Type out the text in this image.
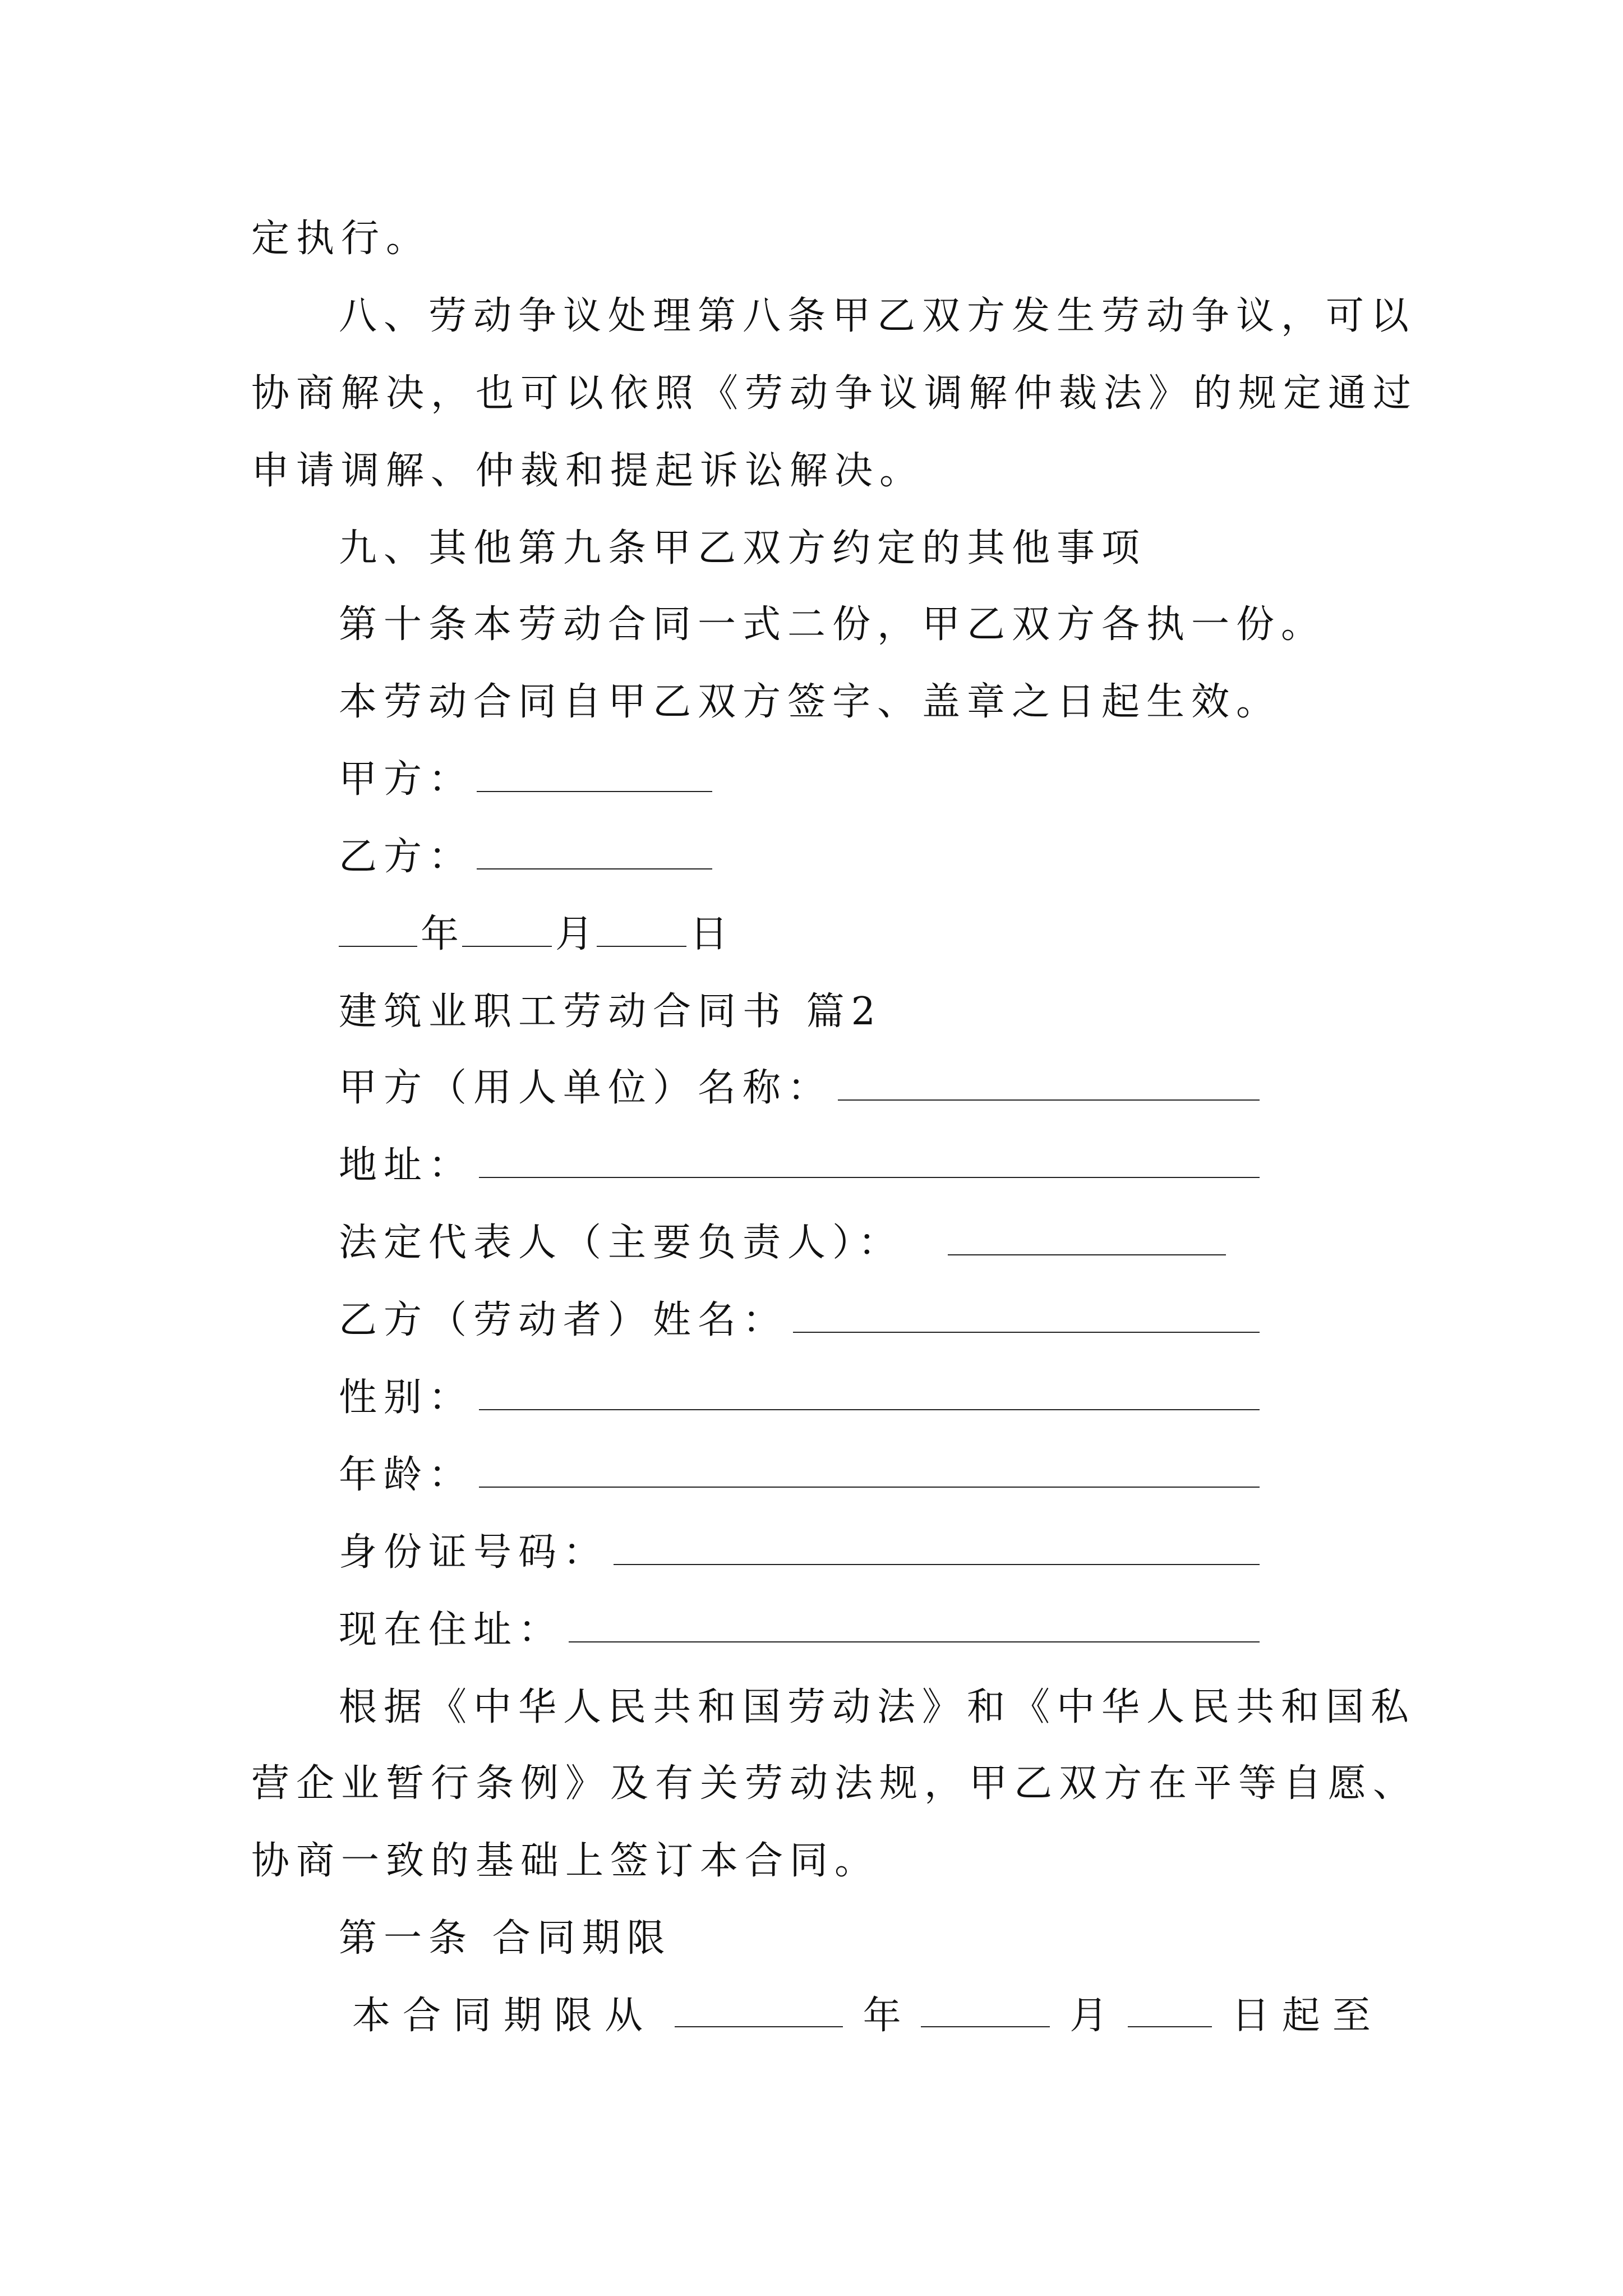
定执行。
八、劳动争议处理第八条甲乙双方发生劳动争议，可以
协商解决，也可以依照《劳动争议调解仲裁法》的规定通过
申请调解、仲裁和提起诉讼解决。
九、其他第九条甲乙双方约定的其他事项
第十条本劳动合同一式二份，甲乙双方各执一份。
本劳动合同自甲乙双方签字、盖章之日起生效。
甲方：
乙方：
年	月	日
建筑业职工劳动合同书 篇2
甲方（用人单位）名称：
地址：
法定代表人（主要负责人）：
乙方（劳动者）姓名：
性别：
年龄：
身份证号码：
现在住址：
根据《中华人民共和国劳动法》和《中华人民共和国私
营企业暂行条例》及有关劳动法规，甲乙双方在平等自愿、
协商一致的基础上签订本合同。
第一条 合同期限
本合同期限从	年	月	日起至
